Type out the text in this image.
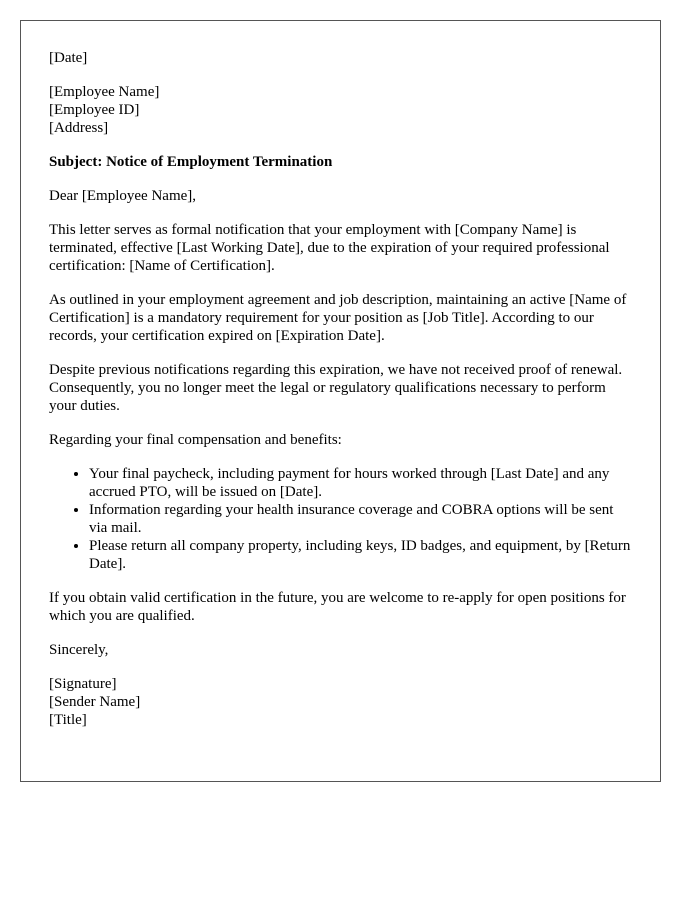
[Date]

[Employee Name]
[Employee ID]
[Address]

Subject: Notice of Employment Termination

Dear [Employee Name],

This letter serves as formal notification that your employment with [Company Name] is terminated, effective [Last Working Date], due to the expiration of your required professional certification: [Name of Certification].

As outlined in your employment agreement and job description, maintaining an active [Name of Certification] is a mandatory requirement for your position as [Job Title]. According to our records, your certification expired on [Expiration Date].

Despite previous notifications regarding this expiration, we have not received proof of renewal. Consequently, you no longer meet the legal or regulatory qualifications necessary to perform your duties.

Regarding your final compensation and benefits:

• Your final paycheck, including payment for hours worked through [Last Date] and any accrued PTO, will be issued on [Date].
• Information regarding your health insurance coverage and COBRA options will be sent via mail.
• Please return all company property, including keys, ID badges, and equipment, by [Return Date].

If you obtain valid certification in the future, you are welcome to re-apply for open positions for which you are qualified.

Sincerely,

[Signature]
[Sender Name]
[Title]
